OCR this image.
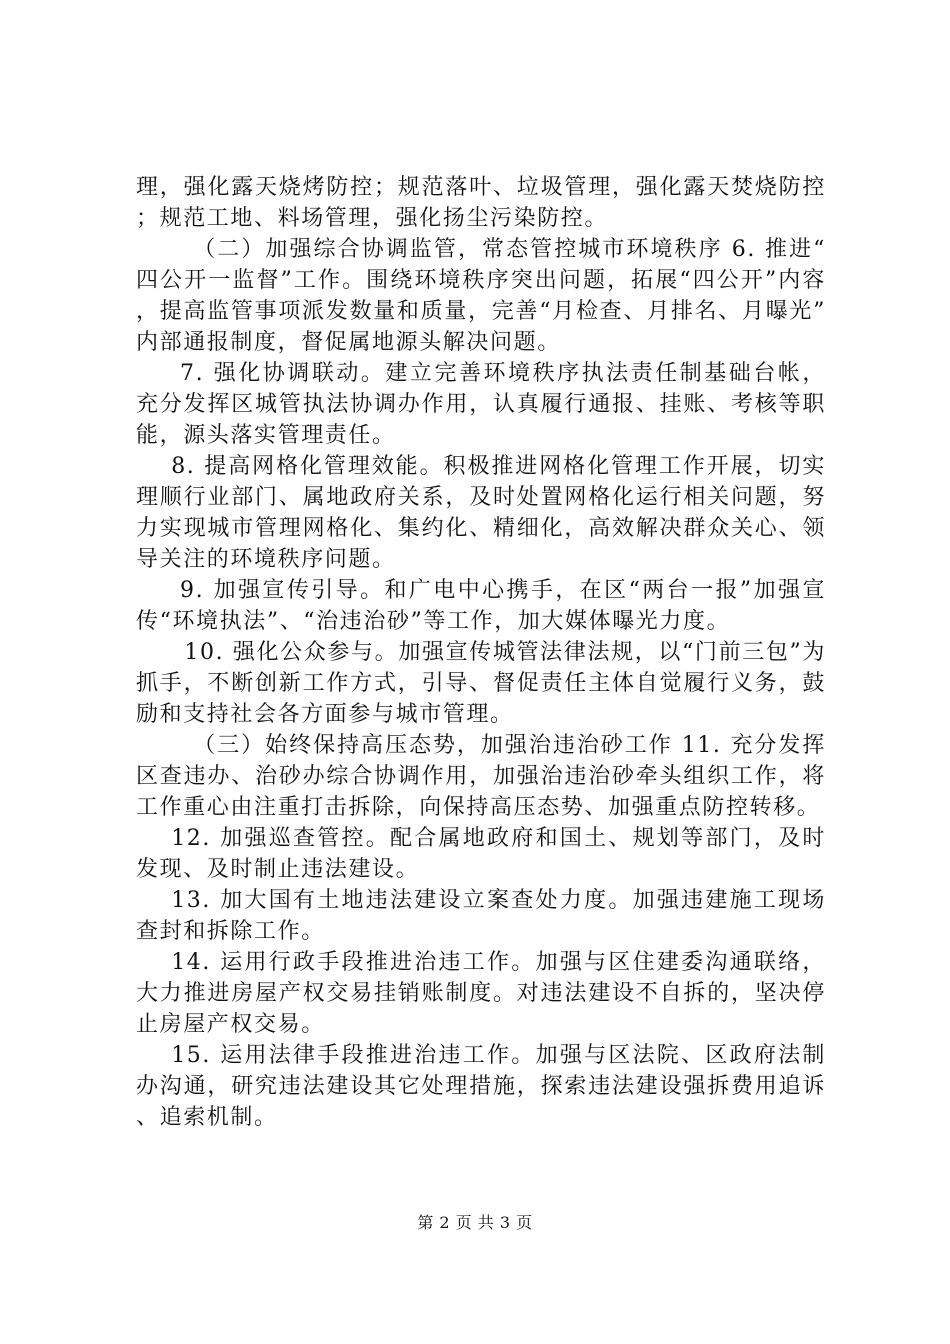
理，强化露天烧烤防控；规范落叶、垃圾管理，强化露天焚烧防控；规范工地、料场管理，强化扬尘污染防控。

（二）加强综合协调监管，常态管控城市环境秩序 6. 推进“四公开一监督”工作。围绕环境秩序突出问题，拓展“四公开”内容，提高监管事项派发数量和质量，完善“月检查、月排名、月曝光”内部通报制度，督促属地源头解决问题。

7. 强化协调联动。建立完善环境秩序执法责任制基础台帐，充分发挥区城管执法协调办作用，认真履行通报、挂账、考核等职能，源头落实管理责任。

8. 提高网格化管理效能。积极推进网格化管理工作开展，切实理顺行业部门、属地政府关系，及时处置网格化运行相关问题，努力实现城市管理网格化、集约化、精细化，高效解决群众关心、领导关注的环境秩序问题。

9. 加强宣传引导。和广电中心携手，在区“两台一报”加强宣传“环境执法”、“治违治砂”等工作，加大媒体曝光力度。

10. 强化公众参与。加强宣传城管法律法规，以“门前三包”为抓手，不断创新工作方式，引导、督促责任主体自觉履行义务，鼓励和支持社会各方面参与城市管理。

（三）始终保持高压态势，加强治违治砂工作 11. 充分发挥区查违办、治砂办综合协调作用，加强治违治砂牵头组织工作，将工作重心由注重打击拆除，向保持高压态势、加强重点防控转移。

12. 加强巡查管控。配合属地政府和国土、规划等部门，及时发现、及时制止违法建设。

13. 加大国有土地违法建设立案查处力度。加强违建施工现场查封和拆除工作。

14. 运用行政手段推进治违工作。加强与区住建委沟通联络，大力推进房屋产权交易挂销账制度。对违法建设不自拆的，坚决停止房屋产权交易。

15. 运用法律手段推进治违工作。加强与区法院、区政府法制办沟通，研究违法建设其它处理措施，探索违法建设强拆费用追诉、追索机制。

第 2 页 共 3 页
